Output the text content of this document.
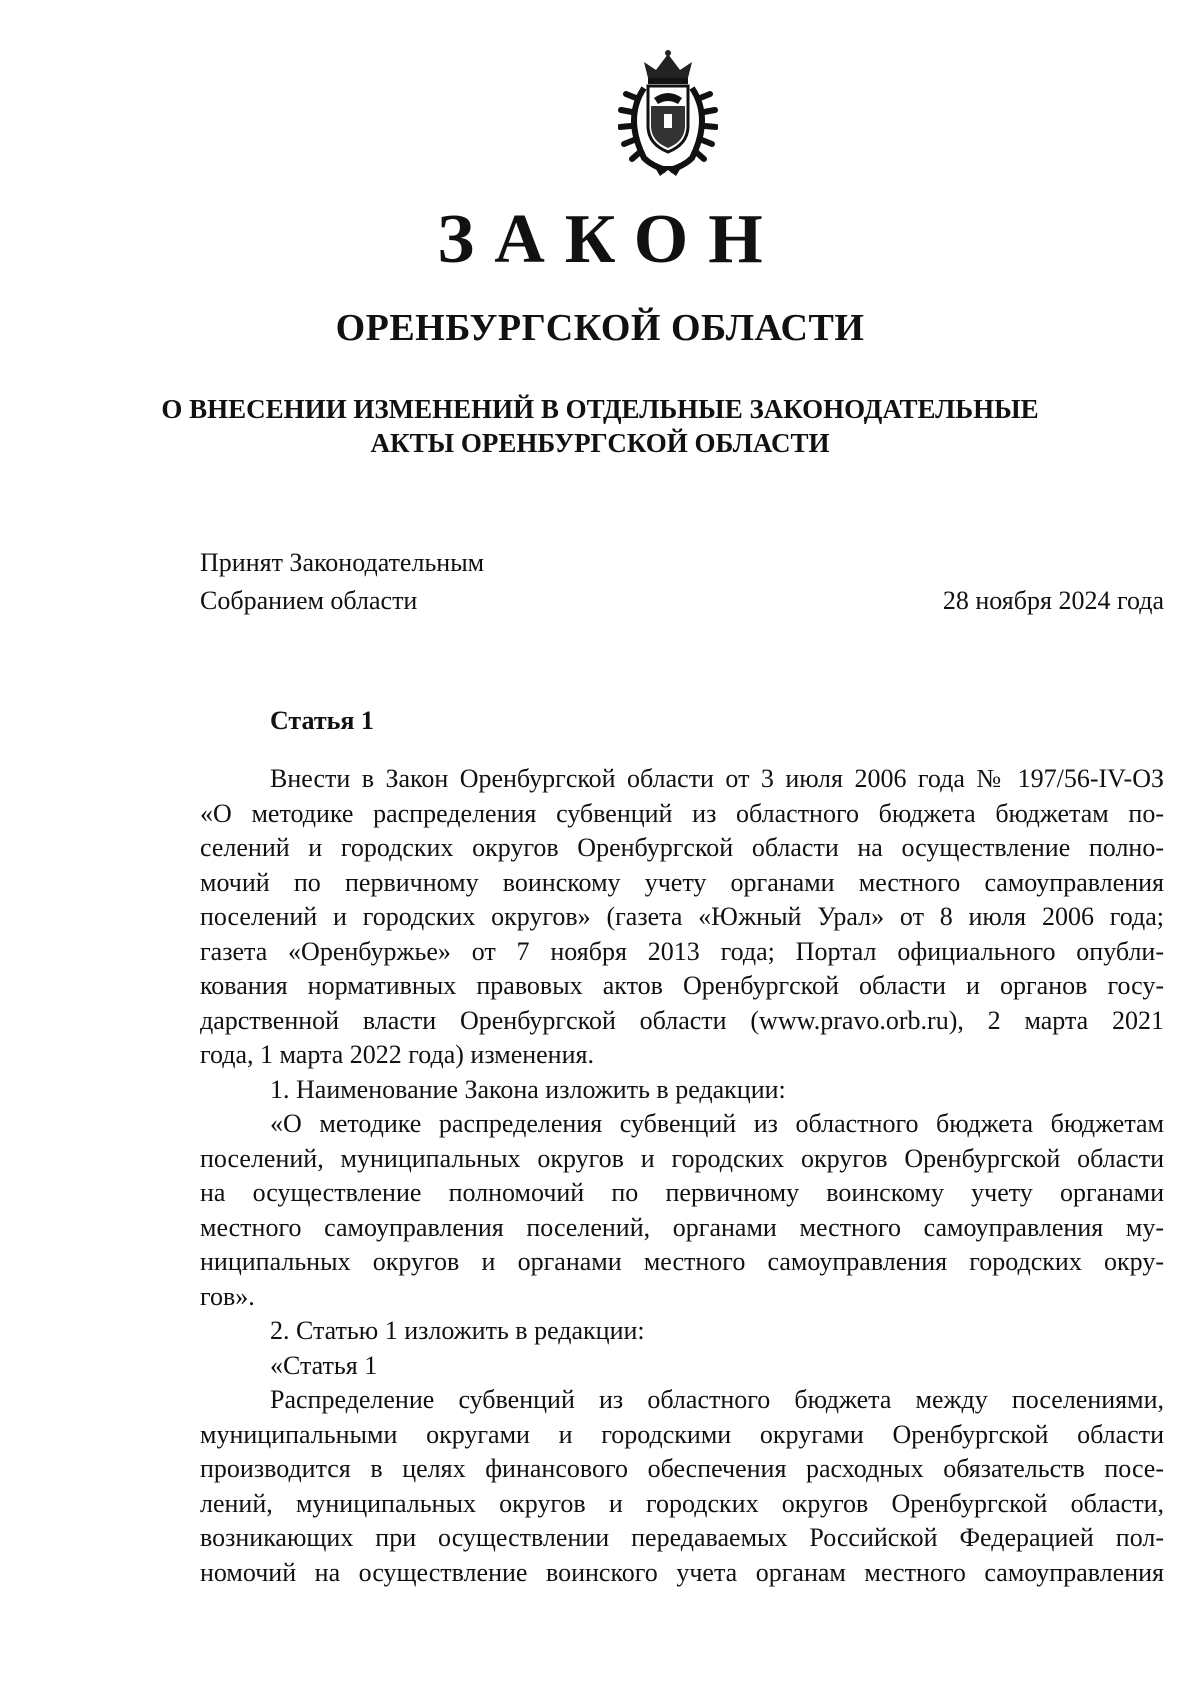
ЗАКОН
ОРЕНБУРГСКОЙ ОБЛАСТИ
О ВНЕСЕНИИ ИЗМЕНЕНИЙ В ОТДЕЛЬНЫЕ ЗАКОНОДАТЕЛЬНЫЕ
АКТЫ ОРЕНБУРГСКОЙ ОБЛАСТИ
Принят Законодательным
Собранием области	28 ноября 2024 года
Статья 1
Внести в Закон Оренбургской области от 3 июля 2006 года № 197/56-IV-ОЗ
«О методике распределения субвенций из областного бюджета бюджетам по-
селений и городских округов Оренбургской области на осуществление полно-
мочий по первичному воинскому учету органами местного самоуправления
поселений и городских округов» (газета «Южный Урал» от 8 июля 2006 года;
газета «Оренбуржье» от 7 ноября 2013 года; Портал официального опубли-
кования нормативных правовых актов Оренбургской области и органов госу-
дарственной власти Оренбургской области (www.pravo.orb.ru), 2 марта 2021
года, 1 марта 2022 года) изменения.
1. Наименование Закона изложить в редакции:
«О методике распределения субвенций из областного бюджета бюджетам
поселений, муниципальных округов и городских округов Оренбургской области
на осуществление полномочий по первичному воинскому учету органами
местного самоуправления поселений, органами местного самоуправления му-
ниципальных округов и органами местного самоуправления городских окру-
гов».
2. Статью 1 изложить в редакции:
«Статья 1
Распределение субвенций из областного бюджета между поселениями,
муниципальными округами и городскими округами Оренбургской области
производится в целях финансового обеспечения расходных обязательств посе-
лений, муниципальных округов и городских округов Оренбургской области,
возникающих при осуществлении передаваемых Российской Федерацией пол-
номочий на осуществление воинского учета органам местного самоуправления
